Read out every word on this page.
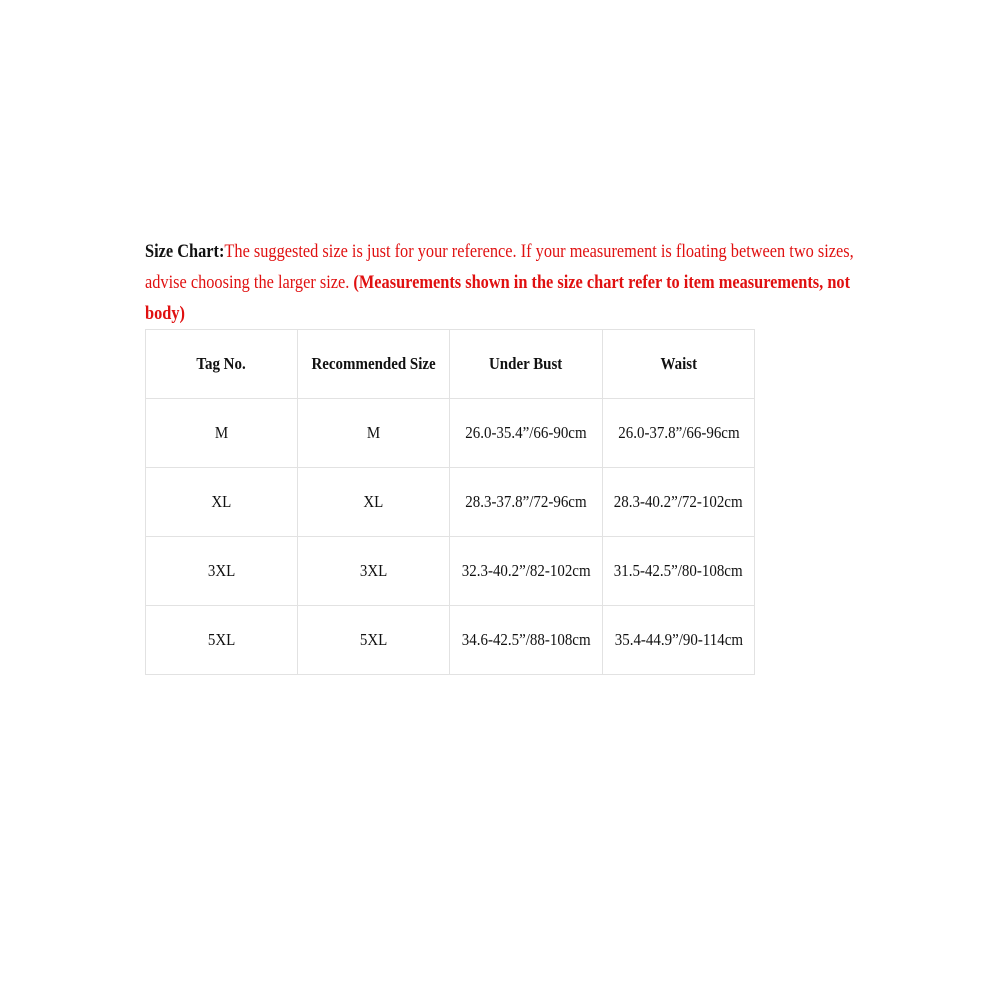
Size Chart:The suggested size is just for your reference. If your measurement is floating between two sizes, advise choosing the larger size. (Measurements shown in the size chart refer to item measurements, not body)
Tag No.	Recommended Size	Under Bust	Waist
M	M	26.0-35.4”/66-90cm	26.0-37.8”/66-96cm
XL	XL	28.3-37.8”/72-96cm	28.3-40.2”/72-102cm
3XL	3XL	32.3-40.2”/82-102cm	31.5-42.5”/80-108cm
5XL	5XL	34.6-42.5”/88-108cm	35.4-44.9”/90-114cm
